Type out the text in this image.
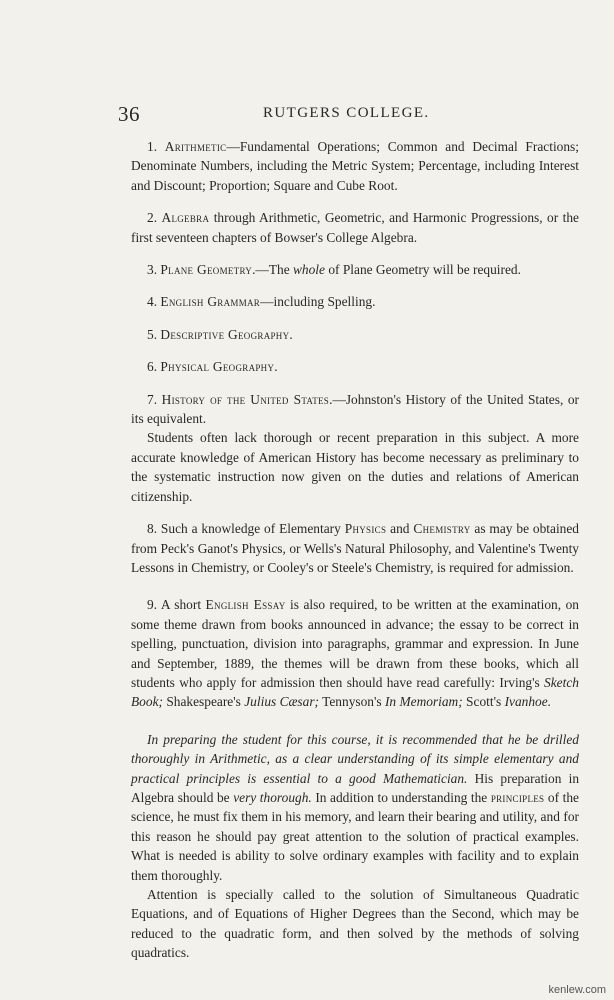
36	RUTGERS COLLEGE.

1. Arithmetic—Fundamental Operations; Common and Decimal Fractions; Denominate Numbers, including the Metric System; Percentage, including Interest and Discount; Proportion; Square and Cube Root.

2. Algebra through Arithmetic, Geometric, and Harmonic Progressions, or the first seventeen chapters of Bowser's College Algebra.

3. Plane Geometry.—The whole of Plane Geometry will be required.

4. English Grammar—including Spelling.

5. Descriptive Geography.

6. Physical Geography.

7. History of the United States.—Johnston's History of the United States, or its equivalent.

Students often lack thorough or recent preparation in this subject. A more accurate knowledge of American History has become necessary as preliminary to the systematic instruction now given on the duties and relations of American citizenship.

8. Such a knowledge of Elementary Physics and Chemistry as may be obtained from Peck's Ganot's Physics, or Wells's Natural Philosophy, and Valentine's Twenty Lessons in Chemistry, or Cooley's or Steele's Chemistry, is required for admission.

9. A short English Essay is also required, to be written at the examination, on some theme drawn from books announced in advance; the essay to be correct in spelling, punctuation, division into paragraphs, grammar and expression. In June and September, 1889, the themes will be drawn from these books, which all students who apply for admission then should have read carefully: Irving's Sketch Book; Shakespeare's Julius Cæsar; Tennyson's In Memoriam; Scott's Ivanhoe.

In preparing the student for this course, it is recommended that he be drilled thoroughly in Arithmetic, as a clear understanding of its simple elementary and practical principles is essential to a good Mathematician. His preparation in Algebra should be very thorough. In addition to understanding the principles of the science, he must fix them in his memory, and learn their bearing and utility, and for this reason he should pay great attention to the solution of practical examples. What is needed is ability to solve ordinary examples with facility and to explain them thoroughly.

Attention is specially called to the solution of Simultaneous Quadratic Equations, and of Equations of Higher Degrees than the Second, which may be reduced to the quadratic form, and then solved by the methods of solving quadratics.

kenlew.com
